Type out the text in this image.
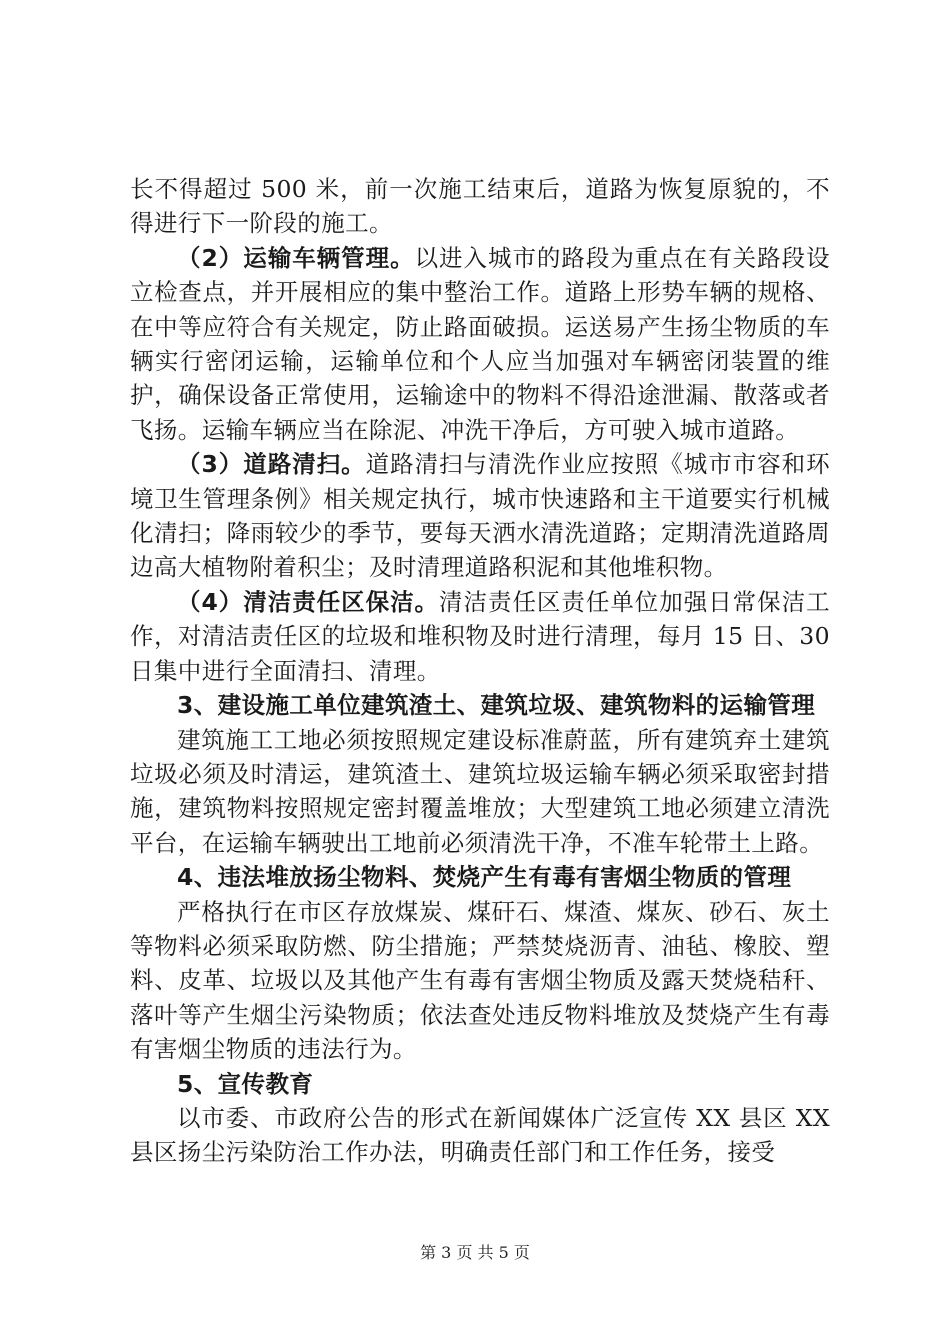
长不得超过 500 米，前一次施工结束后，道路为恢复原貌的，不得进行下一阶段的施工。

（2）运输车辆管理。以进入城市的路段为重点在有关路段设立检查点，并开展相应的集中整治工作。道路上形势车辆的规格、在中等应符合有关规定，防止路面破损。运送易产生扬尘物质的车辆实行密闭运输，运输单位和个人应当加强对车辆密闭装置的维护，确保设备正常使用，运输途中的物料不得沿途泄漏、散落或者飞扬。运输车辆应当在除泥、冲洗干净后，方可驶入城市道路。

（3）道路清扫。道路清扫与清洗作业应按照《城市市容和环境卫生管理条例》相关规定执行，城市快速路和主干道要实行机械化清扫；降雨较少的季节，要每天洒水清洗道路；定期清洗道路周边高大植物附着积尘；及时清理道路积泥和其他堆积物。

（4）清洁责任区保洁。清洁责任区责任单位加强日常保洁工作，对清洁责任区的垃圾和堆积物及时进行清理，每月 15 日、30 日集中进行全面清扫、清理。

3、建设施工单位建筑渣土、建筑垃圾、建筑物料的运输管理

建筑施工工地必须按照规定建设标准蔚蓝，所有建筑弃土建筑垃圾必须及时清运，建筑渣土、建筑垃圾运输车辆必须采取密封措施，建筑物料按照规定密封覆盖堆放；大型建筑工地必须建立清洗平台，在运输车辆驶出工地前必须清洗干净，不准车轮带土上路。

4、违法堆放扬尘物料、焚烧产生有毒有害烟尘物质的管理

严格执行在市区存放煤炭、煤矸石、煤渣、煤灰、砂石、灰土等物料必须采取防燃、防尘措施；严禁焚烧沥青、油毡、橡胶、塑料、皮革、垃圾以及其他产生有毒有害烟尘物质及露天焚烧秸秆、落叶等产生烟尘污染物质；依法查处违反物料堆放及焚烧产生有毒有害烟尘物质的违法行为。

5、宣传教育

以市委、市政府公告的形式在新闻媒体广泛宣传 XX 县区 XX 县区扬尘污染防治工作办法，明确责任部门和工作任务，接受

第 3 页 共 5 页
